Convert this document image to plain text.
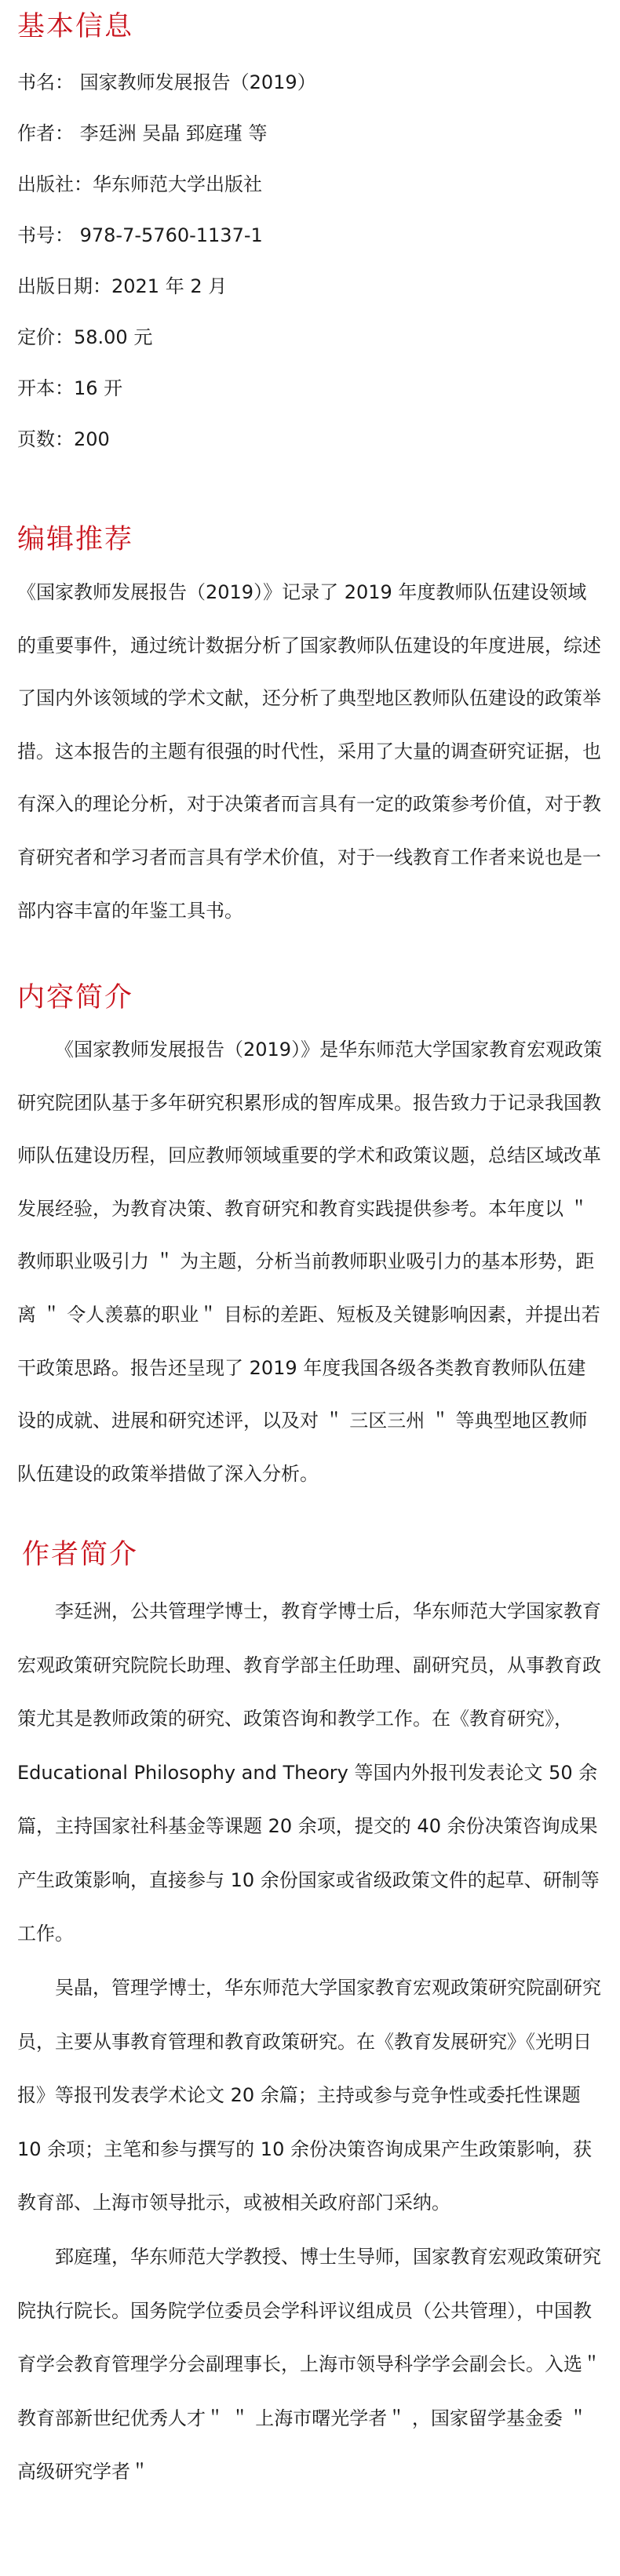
基本信息
书名： 国家教师发展报告（2019）
作者： 李廷洲 吴晶 郅庭瑾 等
出版社：华东师范大学出版社
书号： 978-7-5760-1137-1
出版日期：2021 年 2 月
定价：58.00 元
开本：16 开
页数：200
编辑推荐

《国家教师发展报告（2019）》记录了 2019 年度教师队伍建设领域的重要事件，通过统计数据分析了国家教师队伍建设的年度进展，综述了国内外该领域的学术文献，还分析了典型地区教师队伍建设的政策举措。这本报告的主题有很强的时代性，采用了大量的调查研究证据，也有深入的理论分析，对于决策者而言具有一定的政策参考价值，对于教育研究者和学习者而言具有学术价值，对于一线教育工作者来说也是一部内容丰富的年鉴工具书。

内容简介

《国家教师发展报告（2019）》是华东师范大学国家教育宏观政策研究院团队基于多年研究积累形成的智库成果。报告致力于记录我国教师队伍建设历程，回应教师领域重要的学术和政策议题，总结区域改革发展经验，为教育决策、教育研究和教育实践提供参考。本年度以 ＂ 教师职业吸引力 ＂ 为主题，分析当前教师职业吸引力的基本形势，距离 ＂ 令人羡慕的职业＂ 目标的差距、短板及关键影响因素，并提出若干政策思路。报告还呈现了 2019 年度我国各级各类教育教师队伍建设的成就、进展和研究述评，以及对 ＂ 三区三州 ＂ 等典型地区教师队伍建设的政策举措做了深入分析。

作者简介

李廷洲，公共管理学博士，教育学博士后，华东师范大学国家教育宏观政策研究院院长助理、教育学部主任助理、副研究员，从事教育政策尤其是教师政策的研究、政策咨询和教学工作。在《教育研究》，Educational Philosophy and Theory 等国内外报刊发表论文 50 余篇，主持国家社科基金等课题 20 余项，提交的 40 余份决策咨询成果产生政策影响，直接参与 10 余份国家或省级政策文件的起草、研制等工作。

吴晶，管理学博士，华东师范大学国家教育宏观政策研究院副研究员，主要从事教育管理和教育政策研究。在《教育发展研究》《光明日报》等报刊发表学术论文 20 余篇；主持或参与竞争性或委托性课题 10 余项；主笔和参与撰写的 10 余份决策咨询成果产生政策影响，获教育部、上海市领导批示，或被相关政府部门采纳。

郅庭瑾，华东师范大学教授、博士生导师，国家教育宏观政策研究院执行院长。国务院学位委员会学科评议组成员（公共管理），中国教育学会教育管理学分会副理事长，上海市领导科学学会副会长。入选＂教育部新世纪优秀人才＂ ＂ 上海市曙光学者＂ ，国家留学基金委 ＂ 高级研究学者＂
